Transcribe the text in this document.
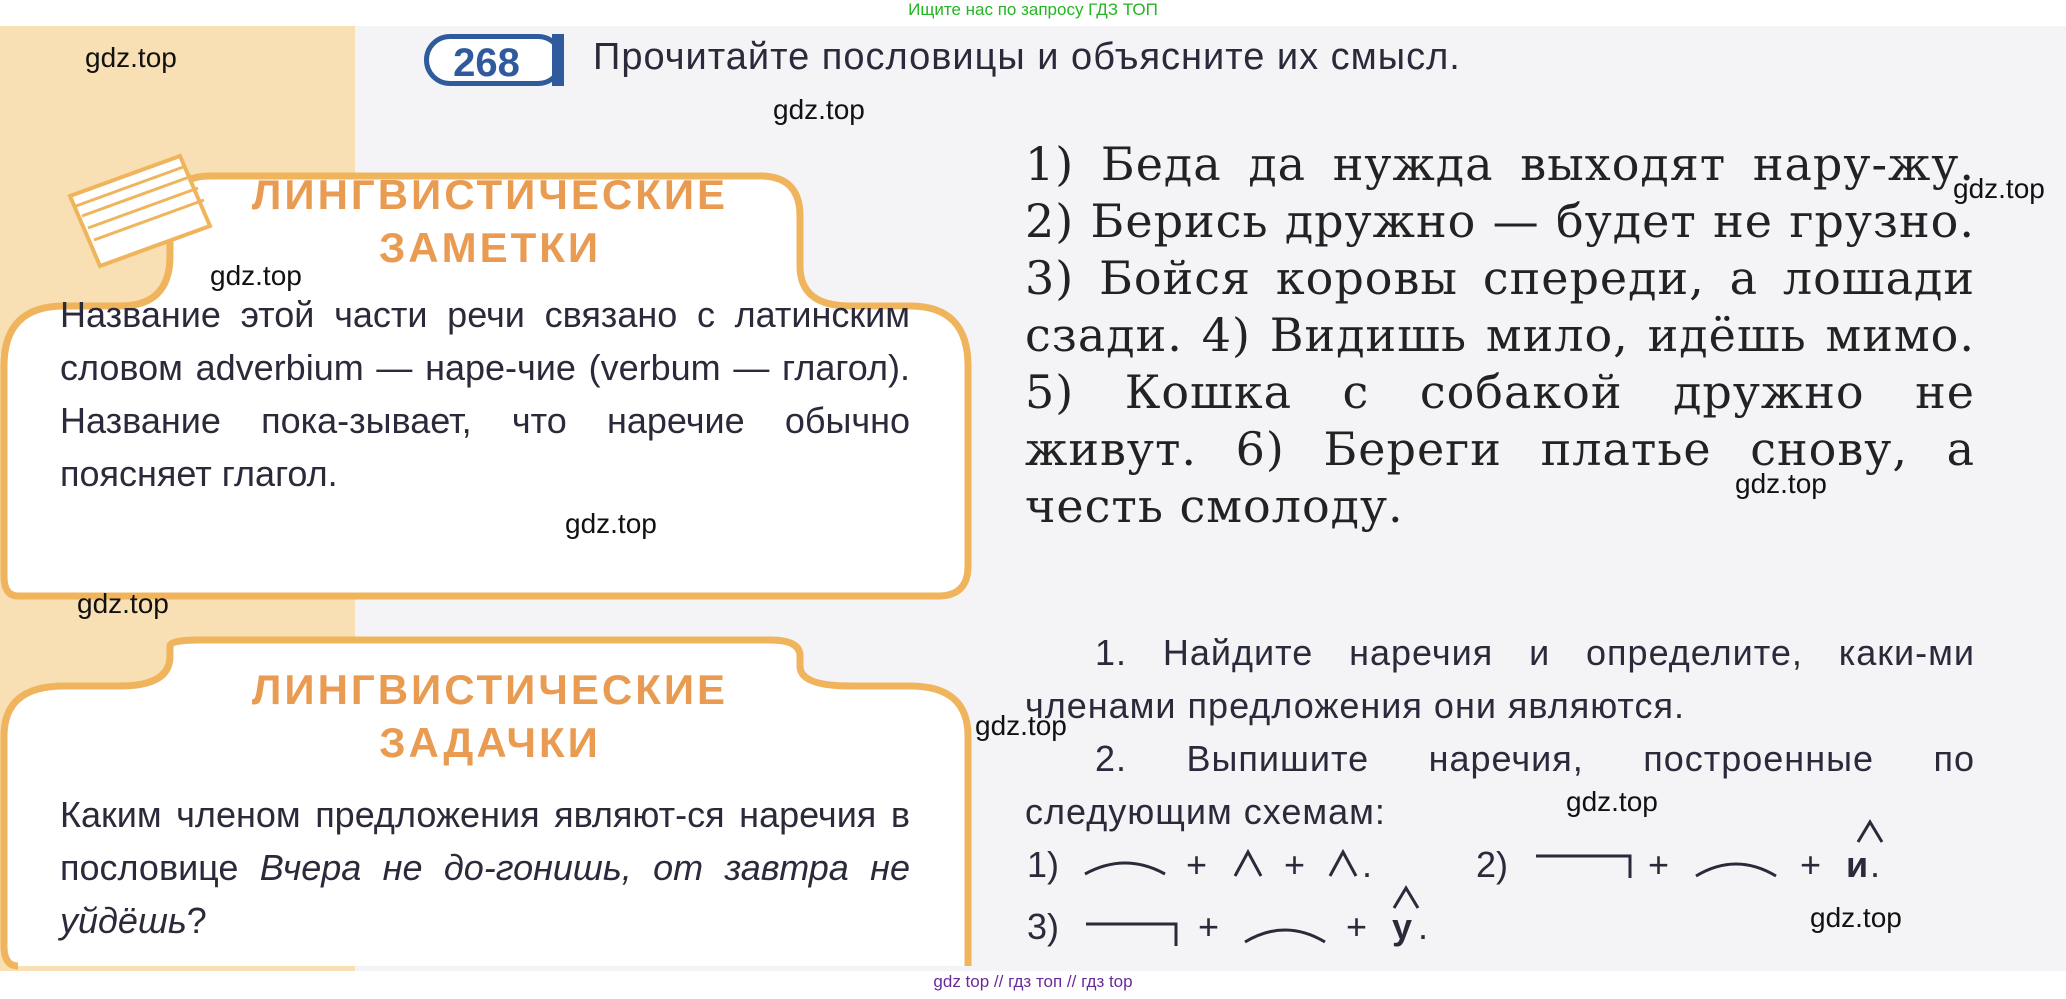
Ищите нас по запросу ГДЗ ТОП
268	Прочитайте пословицы и объясните их смысл.
ЛИНГВИСТИЧЕСКИЕ
ЗАМЕТКИ
Название этой части речи связано с латинским словом adverbium — наре-чие (verbum — глагол). Название пока-зывает, что наречие обычно поясняет глагол.
ЛИНГВИСТИЧЕСКИЕ
ЗАДАЧКИ
Каким членом предложения являют-ся наречия в пословице Вчера не до-гонишь, от завтра не уйдёшь?
1) Беда да нужда выходят нару-жу. 2) Берись дружно — будет не грузно. 3) Бойся коровы спереди, а лошади сзади. 4) Видишь мило, идёшь мимо. 5) Кошка с собакой дружно не живут. 6) Береги платье снову, а честь смолоду.
1. Найдите наречия и определите, каки-ми членами предложения они являются.
2. Выпишите наречия, построенные по следующим схемам:
1)	+ + .	2)	+	+ и .
3)	+	+ у .
gdz.top
gdz.top
gdz.top
gdz.top
gdz.top
gdz.top
gdz.top
gdz.top
gdz.top
gdz.top
gdz top // гдз топ // гдз top
